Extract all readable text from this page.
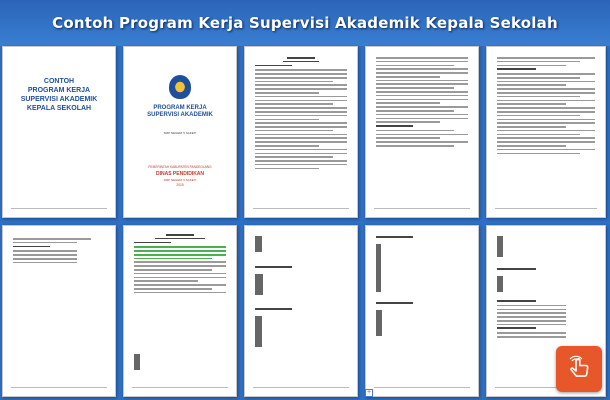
Contoh Program Kerja Supervisi Akademik Kepala Sekolah
CONTOH
PROGRAM KERJA
SUPERVISI AKADEMIK
KEPALA SEKOLAH	PROGRAM KERJA
SUPERVISI AKADEMIK
SMP NEGERI 5 SAKETI
PEMERINTAH KABUPATEN PANDEGLANG
DINAS PENDIDIKAN
SMP NEGERI 5 SAKETI
2015

+
